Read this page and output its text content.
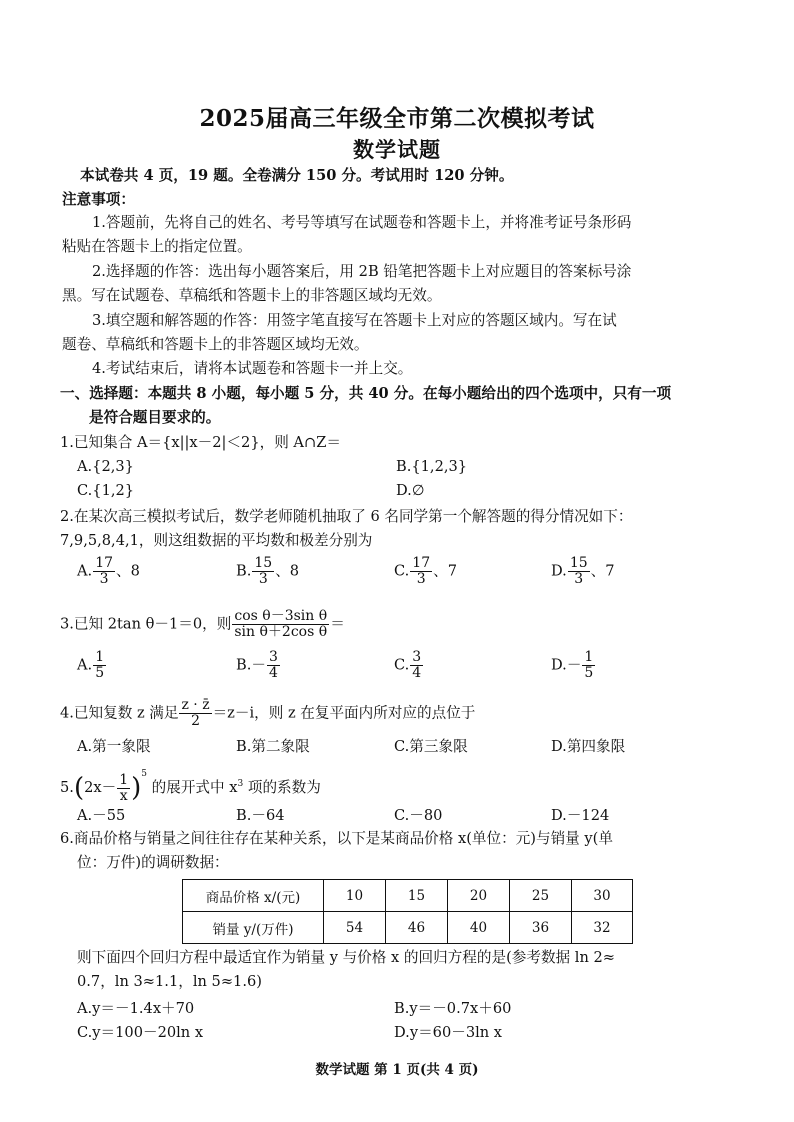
2025届高三年级全市第二次模拟考试
数学试题
本试卷共 4 页，19 题。全卷满分 150 分。考试用时 120 分钟。
注意事项：
1.答题前，先将自己的姓名、考号等填写在试题卷和答题卡上，并将准考证号条形码
粘贴在答题卡上的指定位置。
2.选择题的作答：选出每小题答案后，用 2B 铅笔把答题卡上对应题目的答案标号涂
黑。写在试题卷、草稿纸和答题卡上的非答题区域均无效。
3.填空题和解答题的作答：用签字笔直接写在答题卡上对应的答题区域内。写在试
题卷、草稿纸和答题卡上的非答题区域均无效。
4.考试结束后，请将本试题卷和答题卡一并上交。
一、选择题：本题共 8 小题，每小题 5 分，共 40 分。在每小题给出的四个选项中，只有一项
是符合题目要求的。
1.已知集合 A＝{x||x－2|＜2}，则 A∩Z＝
A.{2,3}	B.{1,2,3}
C.{1,2}	D.∅
2.在某次高三模拟考试后，数学老师随机抽取了 6 名同学第一个解答题的得分情况如下：
7,9,5,8,4,1，则这组数据的平均数和极差分别为
A. $\frac{17}{3}$ 、8	B. $\frac{15}{3}$ 、8	C. $\frac{17}{3}$ 、7	D. $\frac{15}{3}$ 、7
3.已知 2tan θ－1＝0，则 $\frac{\text{cos θ－3sin θ}}{\text{sin θ＋2cos θ}}$ ＝
A. $\frac{1}{5}$	$B.- \frac{3}{4}$	C. $\frac{3}{4}$	$D.- \frac{1}{5}$
4.已知复数 z 满足 $\frac{z \cdot z̄}{2} =z-i$，则 z 在复平面内所对应的点位于
A.第一象限	B.第二象限	C.第三象限	D.第四象限
$5.(2x- \frac{1}{x} )^5$ 的展开式中 $x^3$ 项的系数为
A.－55	B.－64	C.－80	D.－124
6.商品价格与销量之间往往存在某种关系，以下是某商品价格 x(单位：元)与销量 y(单
位：万件)的调研数据：
商品价格 x/(元)	10	15	20	25	30
销量 y/(万件)	54	46	40	36	32
则下面四个回归方程中最适宜作为销量 y 与价格 x 的回归方程的是(参考数据 ln 2≈
0.7，ln 3≈1.1，ln 5≈1.6)
A.y＝－1.4x＋70	B.y＝－0.7x＋60
C.y＝100－20ln x	D.y＝60－3ln x
数学试题 第 1 页(共 4 页)
